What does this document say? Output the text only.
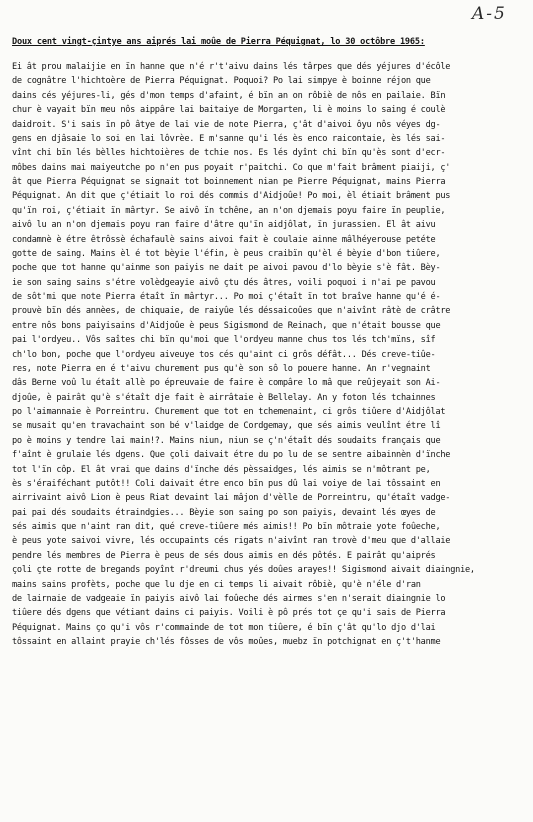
A-5
Doux cent vingt-çintye ans aiprés lai moûe de Pierra Péquignat, lo 30 octôbre 1965:
Ei ât prou malaijie en ïn hanne que n'é r't'aivu dains lés târpes que dés yéjures d'écôle
de cognâtre l'hichtoère de Pierra Péquignat. Poquoi? Po lai simpye è boinne réjon que
dains cés yéjures-li, gés d'mon temps d'afaint, é bïn an on rôbiè de nôs en pailaie. Bïn
chur è vayait bïn meu nôs aippâre lai baitaiye de Morgarten, li è moins lo saing é coulè
daidroit. S'i sais ïn pô âtye de lai vie de note Pierra, ç'ât d'aivoi ôyu nôs véyes dg-
gens en djâsaie lo soi en lai lôvrèe. E m'sanne qu'i lés ès enco raicontaie, ès lés sai-
vînt chi bïn lés bèlles hichtoières de tchie nos. Es lés dyînt chi bïn qu'ès sont d'ecr-
môbes dains mai maiyeutche po n'en pus poyait r'paitchi. Co que m'fait brâment piaiji, ç'
ât que Pierra Péquignat se signait tot boinnement nian pe Pierre Péquignat, mains Pierra
Péquignat. An dit que ç'étiait lo roi dés commis d'Aidjoûe! Po moi, èl étiait brâment pus
qu'ïn roi, ç'étiait ïn mârtyr. Se aivô ïn tchêne, an n'on djemais poyu faire ïn peuplie,
aivô lu an n'on djemais poyu ran faire d'âtre qu'ïn aidjôlat, ïn jurassien. El ât aivu
condamnè è étre êtrôssè échafaulè sains aivoi fait è coulaie ainne mâlhéyerouse petéte
gotte de saing. Mains èl é tot bèyie l'éfin, è peus craibïn qu'èl é bèyie d'bon tiûere,
poche que tot hanne qu'ainme son paiyis ne dait pe aivoi pavou d'lo bèyie s'è fât. Bèy-
ie son saing sains s'étre volèdgeayie aivô çtu dés âtres, voili poquoi i n'ai pe pavou
de sôt'mi que note Pierra étaît ïn mârtyr... Po moi ç'étaît ïn tot braîve hanne qu'é é-
prouvè bïn dés annèes, de chiquaie, de raiyûe lés déssaicoûes que n'aivînt râtè de crâtre
entre nôs bons paiyisains d'Aidjoûe è peus Sigismond de Reinach, que n'était bousse que
pai l'ordyeu.. Vôs saîtes chi bïn qu'moi que l'ordyeu manne chus tos lés tch'mïns, sîf
ch'lo bon, poche que l'ordyeu aiveuye tos cés qu'aint ci grôs défât... Dés creve-tiûe-
res, note Pierra en é t'aivu churement pus qu'è son sô lo pouere hanne. An r'vegnaint
dâs Berne voû lu étaît allè po épreuvaie de faire è compâre lo mâ que reûjeyait son Ai-
djoûe, è pairât qu'è s'étaît dje fait è airrâtaie è Bellelay. An y foton lés tchainnes
po l'aimannaie è Porreintru. Churement que tot en tchemenaint, ci grôs tiûere d'Aidjôlat
se musait qu'en travachaint son bé v'laidge de Cordgemay, que sés aimis veulînt étre lî
po è moins y tendre lai main!?. Mains niun, niun se ç'n'étaît dés soudaits français que
f'aînt è grulaie lés dgens. Que çoli daivait étre du po lu de se sentre aibainnèn d'ïnche
tot l'ïn côp. El ât vrai que dains d'ïnche dés pèssaidges, lés aimis se n'môtrant pe,
ès s'éraiféchant putôt!! Coli daivait étre enco bïn pus dû lai voiye de lai tôssaint en
airrivaint aivô Lion è peus Riat devaint lai mâjon d'vèlle de Porreintru, qu'étaît vadge-
pai pai dés soudaits étraindgies... Bèyie son saing po son paiyis, devaint lés œyes de
sés aimis que n'aint ran dit, qué creve-tiûere més aimis!! Po bïn môtraie yote foûeche,
è peus yote saivoi vivre, lés occupaints cés rigats n'aivînt ran trovè d'meu que d'allaie
pendre lés membres de Pierra è peus de sés dous aimis en dés pôtés. E pairât qu'aiprés
çoli çte rotte de bregands poyînt r'dreumi chus yés doûes arayes!! Sigismond aivait diaingnie,
mains sains profèts, poche que lu dje en ci temps li aivait rôbiè, qu'è n'éle d'ran
de lairnaie de vadgeaie ïn paiyis aivô lai foûeche dés airmes s'en n'serait diaingnie lo
tiûere dés dgens que vétiant dains ci paiyis. Voili è pô prés tot çe qu'i sais de Pierra
Péquignat. Mains ço qu'i vôs r'commainde de tot mon tiûere, é bïn ç'ât qu'lo djo d'lai
tôssaint en allaint prayie ch'lés fôsses de vôs moûes, muebz ïn potchignat en ç't'hanme
